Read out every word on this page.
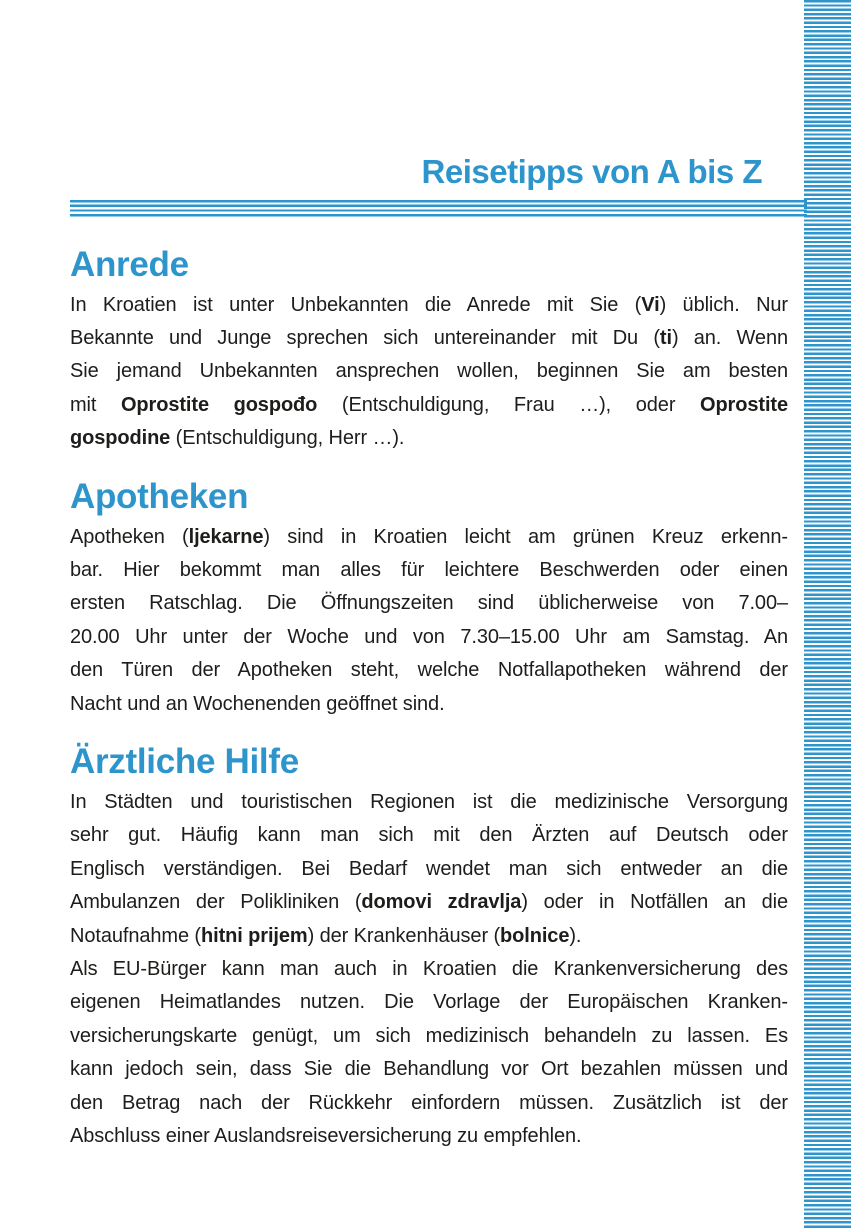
Reisetipps von A bis Z
Anrede
In Kroatien ist unter Unbekannten die Anrede mit Sie (Vi) üblich. Nur
Bekannte und Junge sprechen sich untereinander mit Du (ti) an. Wenn
Sie jemand Unbekannten ansprechen wollen, beginnen Sie am besten
mit Oprostite gospođo (Entschuldigung, Frau …), oder Oprostite
gospodine (Entschuldigung, Herr …).
Apotheken
Apotheken (ljekarne) sind in Kroatien leicht am grünen Kreuz erkenn-
bar. Hier bekommt man alles für leichtere Beschwerden oder einen
ersten Ratschlag. Die Öffnungszeiten sind üblicherweise von 7.00–
20.00 Uhr unter der Woche und von 7.30–15.00 Uhr am Samstag. An
den Türen der Apotheken steht, welche Notfallapotheken während der
Nacht und an Wochenenden geöffnet sind.
Ärztliche Hilfe
In Städten und touristischen Regionen ist die medizinische Versorgung
sehr gut. Häufig kann man sich mit den Ärzten auf Deutsch oder
Englisch verständigen. Bei Bedarf wendet man sich entweder an die
Ambulanzen der Polikliniken (domovi zdravlja) oder in Notfällen an die
Notaufnahme (hitni prijem) der Krankenhäuser (bolnice).
Als EU-Bürger kann man auch in Kroatien die Krankenversicherung des
eigenen Heimatlandes nutzen. Die Vorlage der Europäischen Kranken-
versicherungskarte genügt, um sich medizinisch behandeln zu lassen. Es
kann jedoch sein, dass Sie die Behandlung vor Ort bezahlen müssen und
den Betrag nach der Rückkehr einfordern müssen. Zusätzlich ist der
Abschluss einer Auslandsreiseversicherung zu empfehlen.
